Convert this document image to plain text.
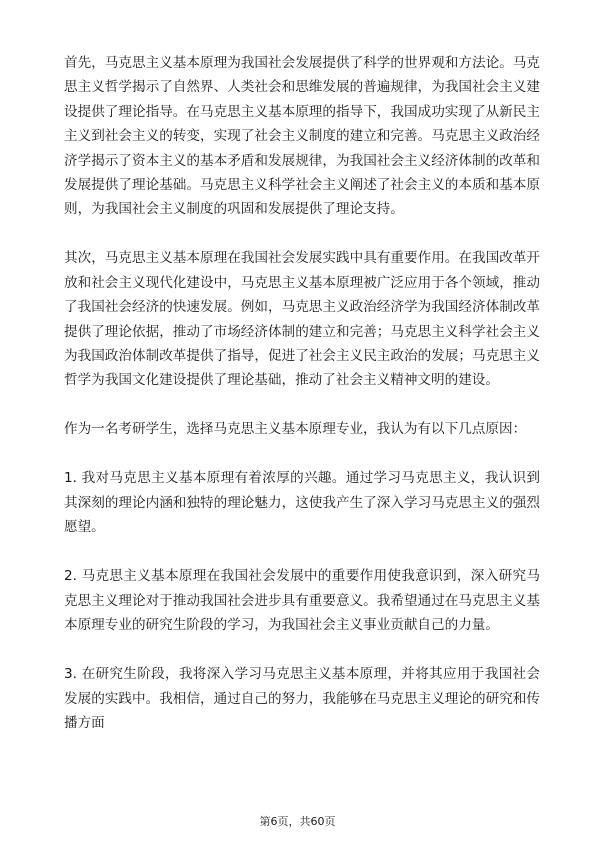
首先，马克思主义基本原理为我国社会发展提供了科学的世界观和方法论。马克思主义哲学揭示了自然界、人类社会和思维发展的普遍规律，为我国社会主义建设提供了理论指导。在马克思主义基本原理的指导下，我国成功实现了从新民主主义到社会主义的转变，实现了社会主义制度的建立和完善。马克思主义政治经济学揭示了资本主义的基本矛盾和发展规律，为我国社会主义经济体制的改革和发展提供了理论基础。马克思主义科学社会主义阐述了社会主义的本质和基本原则，为我国社会主义制度的巩固和发展提供了理论支持。

其次，马克思主义基本原理在我国社会发展实践中具有重要作用。在我国改革开放和社会主义现代化建设中，马克思主义基本原理被广泛应用于各个领域，推动了我国社会经济的快速发展。例如，马克思主义政治经济学为我国经济体制改革提供了理论依据，推动了市场经济体制的建立和完善；马克思主义科学社会主义为我国政治体制改革提供了指导，促进了社会主义民主政治的发展；马克思主义哲学为我国文化建设提供了理论基础，推动了社会主义精神文明的建设。

作为一名考研学生，选择马克思主义基本原理专业，我认为有以下几点原因：

1. 我对马克思主义基本原理有着浓厚的兴趣。通过学习马克思主义，我认识到其深刻的理论内涵和独特的理论魅力，这使我产生了深入学习马克思主义的强烈愿望。

2. 马克思主义基本原理在我国社会发展中的重要作用使我意识到，深入研究马克思主义理论对于推动我国社会进步具有重要意义。我希望通过在马克思主义基本原理专业的研究生阶段的学习，为我国社会主义事业贡献自己的力量。

3. 在研究生阶段，我将深入学习马克思主义基本原理，并将其应用于我国社会发展的实践中。我相信，通过自己的努力，我能够在马克思主义理论的研究和传播方面

第6页，共60页
